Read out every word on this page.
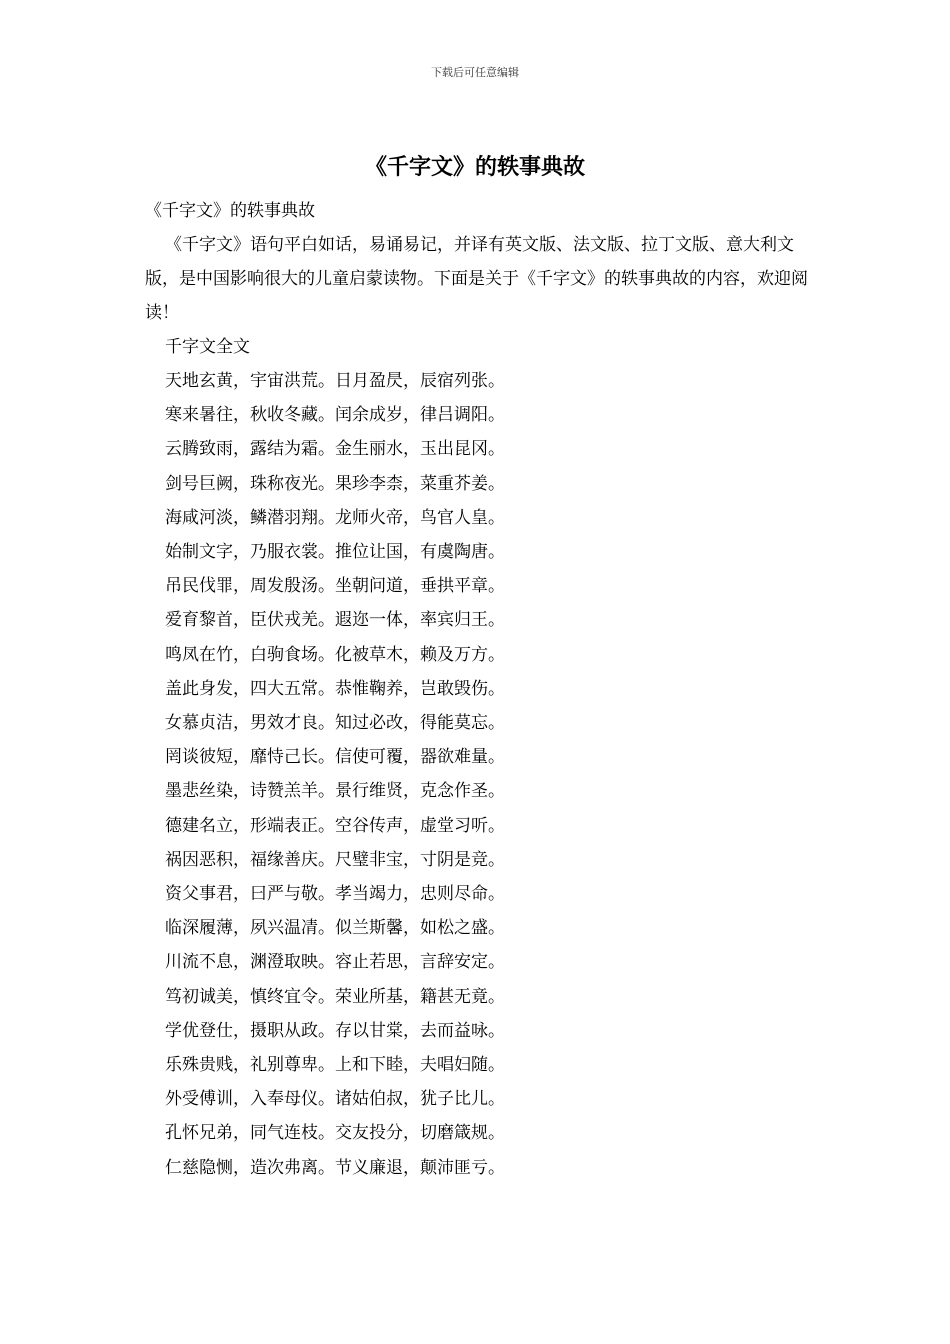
下载后可任意编辑
《千字文》的轶事典故

《千字文》的轶事典故

《千字文》语句平白如话，易诵易记，并译有英文版、法文版、拉丁文版、意大利文版，是中国影响很大的儿童启蒙读物。下面是关于《千字文》的轶事典故的内容，欢迎阅读！

千字文全文

天地玄黄，宇宙洪荒。日月盈昃，辰宿列张。
寒来暑往，秋收冬藏。闰余成岁，律吕调阳。
云腾致雨，露结为霜。金生丽水，玉出昆冈。
剑号巨阙，珠称夜光。果珍李柰，菜重芥姜。
海咸河淡，鳞潜羽翔。龙师火帝，鸟官人皇。
始制文字，乃服衣裳。推位让国，有虞陶唐。
吊民伐罪，周发殷汤。坐朝问道，垂拱平章。
爱育黎首，臣伏戎羌。遐迩一体，率宾归王。
鸣凤在竹，白驹食场。化被草木，赖及万方。
盖此身发，四大五常。恭惟鞠养，岂敢毁伤。
女慕贞洁，男效才良。知过必改，得能莫忘。
罔谈彼短，靡恃己长。信使可覆，器欲难量。
墨悲丝染，诗赞羔羊。景行维贤，克念作圣。
德建名立，形端表正。空谷传声，虚堂习听。
祸因恶积，福缘善庆。尺璧非宝，寸阴是竞。
资父事君，曰严与敬。孝当竭力，忠则尽命。
临深履薄，夙兴温凊。似兰斯馨，如松之盛。
川流不息，渊澄取映。容止若思，言辞安定。
笃初诚美，慎终宜令。荣业所基，籍甚无竟。
学优登仕，摄职从政。存以甘棠，去而益咏。
乐殊贵贱，礼别尊卑。上和下睦，夫唱妇随。
外受傅训，入奉母仪。诸姑伯叔，犹子比儿。
孔怀兄弟，同气连枝。交友投分，切磨箴规。
仁慈隐恻，造次弗离。节义廉退，颠沛匪亏。
